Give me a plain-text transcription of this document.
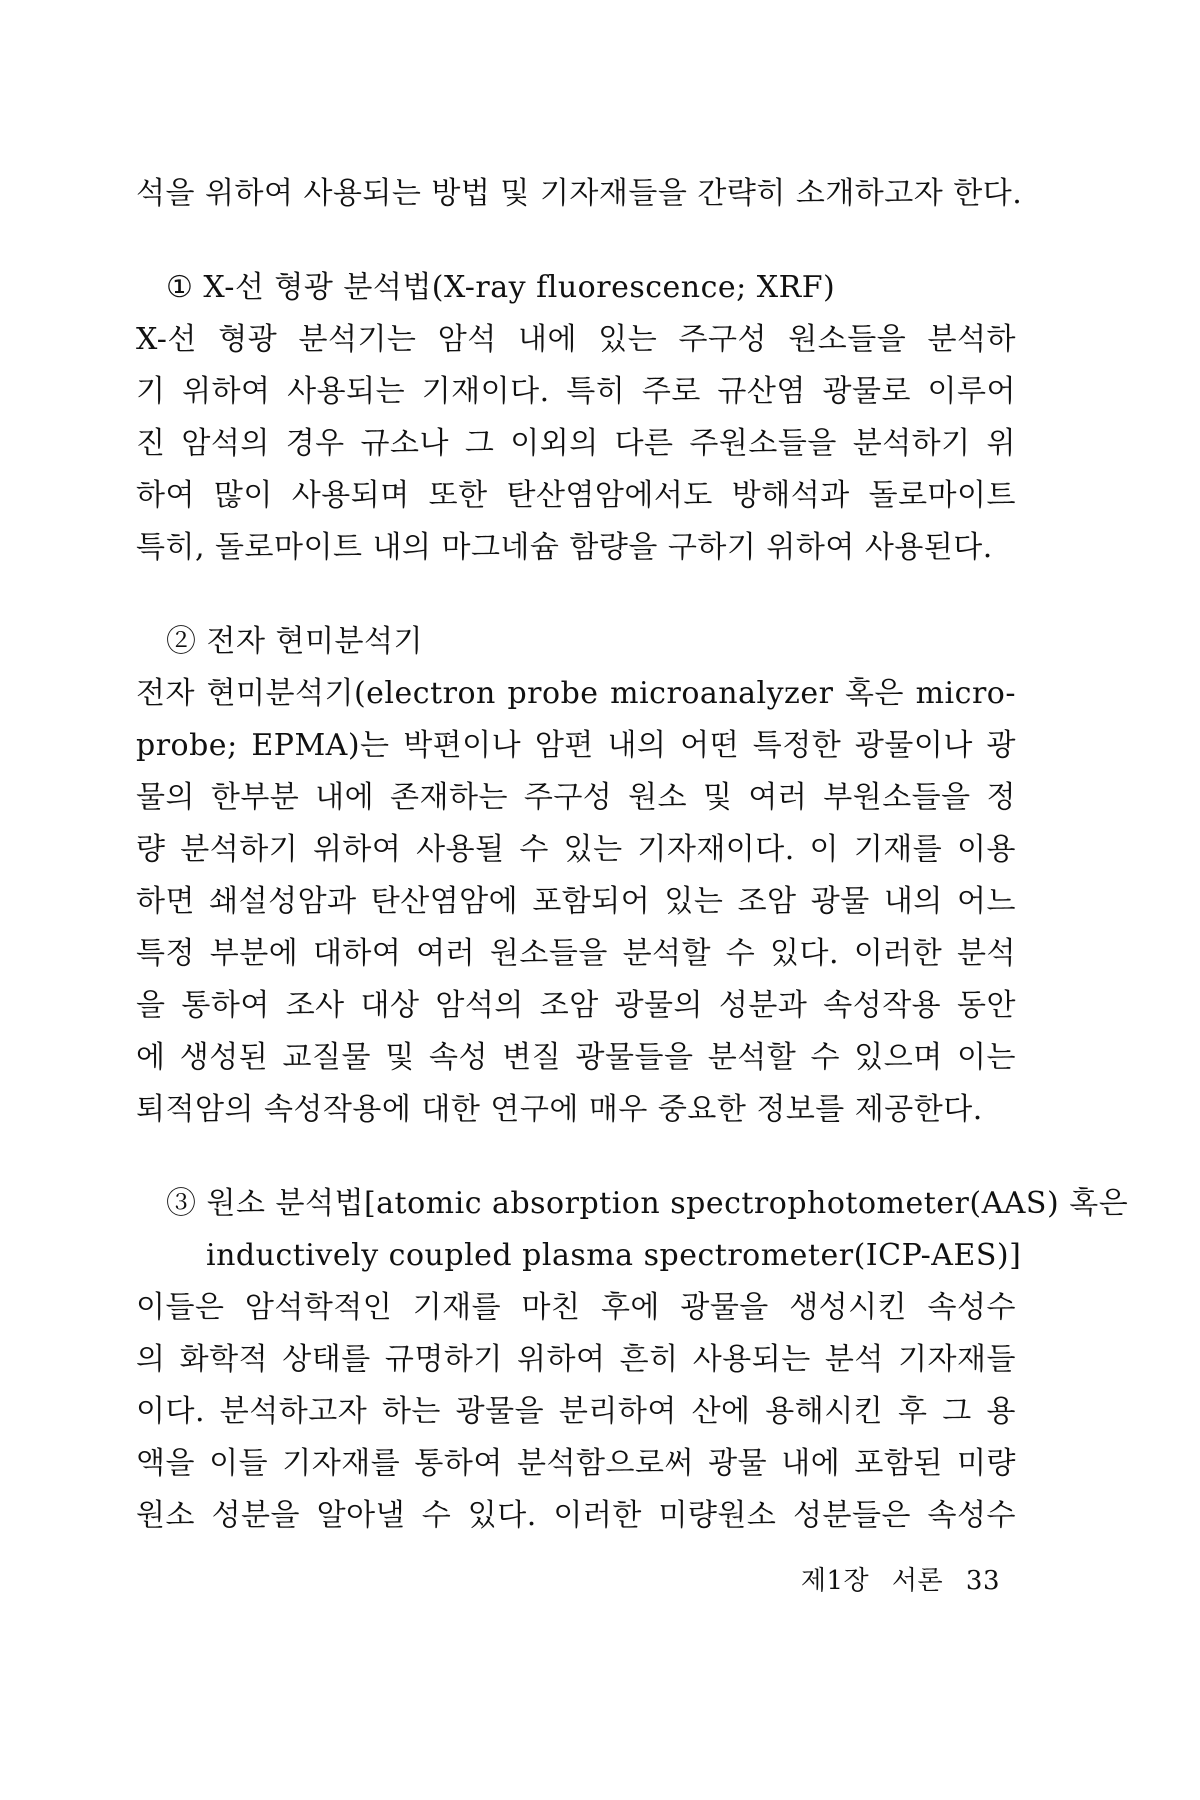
석을 위하여 사용되는 방법 및 기자재들을 간략히 소개하고자 한다.
① X-선 형광 분석법(X-ray fluorescence; XRF)
X-선 형광 분석기는 암석 내에 있는 주구성 원소들을 분석하
기 위하여 사용되는 기재이다. 특히 주로 규산염 광물로 이루어
진 암석의 경우 규소나 그 이외의 다른 주원소들을 분석하기 위
하여 많이 사용되며 또한 탄산염암에서도 방해석과 돌로마이트
특히, 돌로마이트 내의 마그네슘 함량을 구하기 위하여 사용된다.
② 전자 현미분석기
전자 현미분석기(electron probe microanalyzer 혹은 micro-
probe; EPMA)는 박편이나 암편 내의 어떤 특정한 광물이나 광
물의 한부분 내에 존재하는 주구성 원소 및 여러 부원소들을 정
량 분석하기 위하여 사용될 수 있는 기자재이다. 이 기재를 이용
하면 쇄설성암과 탄산염암에 포함되어 있는 조암 광물 내의 어느
특정 부분에 대하여 여러 원소들을 분석할 수 있다. 이러한 분석
을 통하여 조사 대상 암석의 조암 광물의 성분과 속성작용 동안
에 생성된 교질물 및 속성 변질 광물들을 분석할 수 있으며 이는
퇴적암의 속성작용에 대한 연구에 매우 중요한 정보를 제공한다.
③ 원소 분석법[atomic absorption spectrophotometer(AAS) 혹은
inductively coupled plasma spectrometer(ICP-AES)]
이들은 암석학적인 기재를 마친 후에 광물을 생성시킨 속성수
의 화학적 상태를 규명하기 위하여 흔히 사용되는 분석 기자재들
이다. 분석하고자 하는 광물을 분리하여 산에 용해시킨 후 그 용
액을 이들 기자재를 통하여 분석함으로써 광물 내에 포함된 미량
원소 성분을 알아낼 수 있다. 이러한 미량원소 성분들은 속성수
제1장 서론 33
